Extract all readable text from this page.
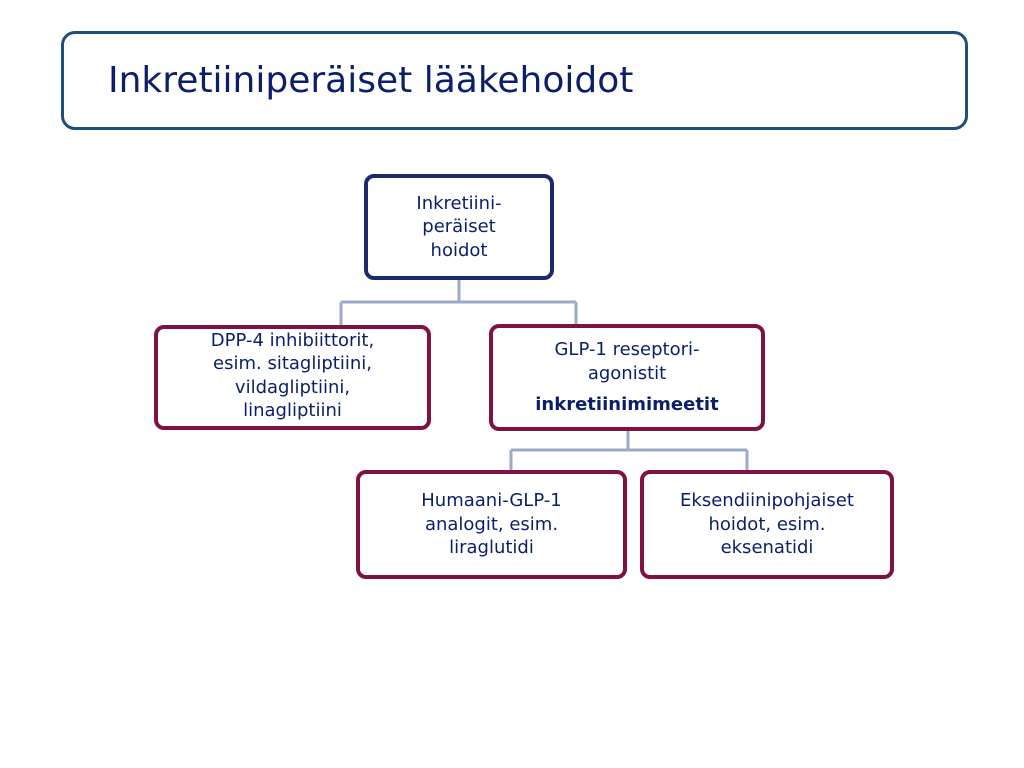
Inkretiiniperäiset lääkehoidot
Inkretiini-
peräiset
hoidot
DPP-4 inhibiittorit,
esim. sitagliptiini,
vildagliptiini,
linagliptiini
GLP-1 reseptori-
agonistit
inkretiinimimeetit
Humaani-GLP-1
analogit, esim.
liraglutidi
Eksendiinipohjaiset
hoidot, esim.
eksenatidi
